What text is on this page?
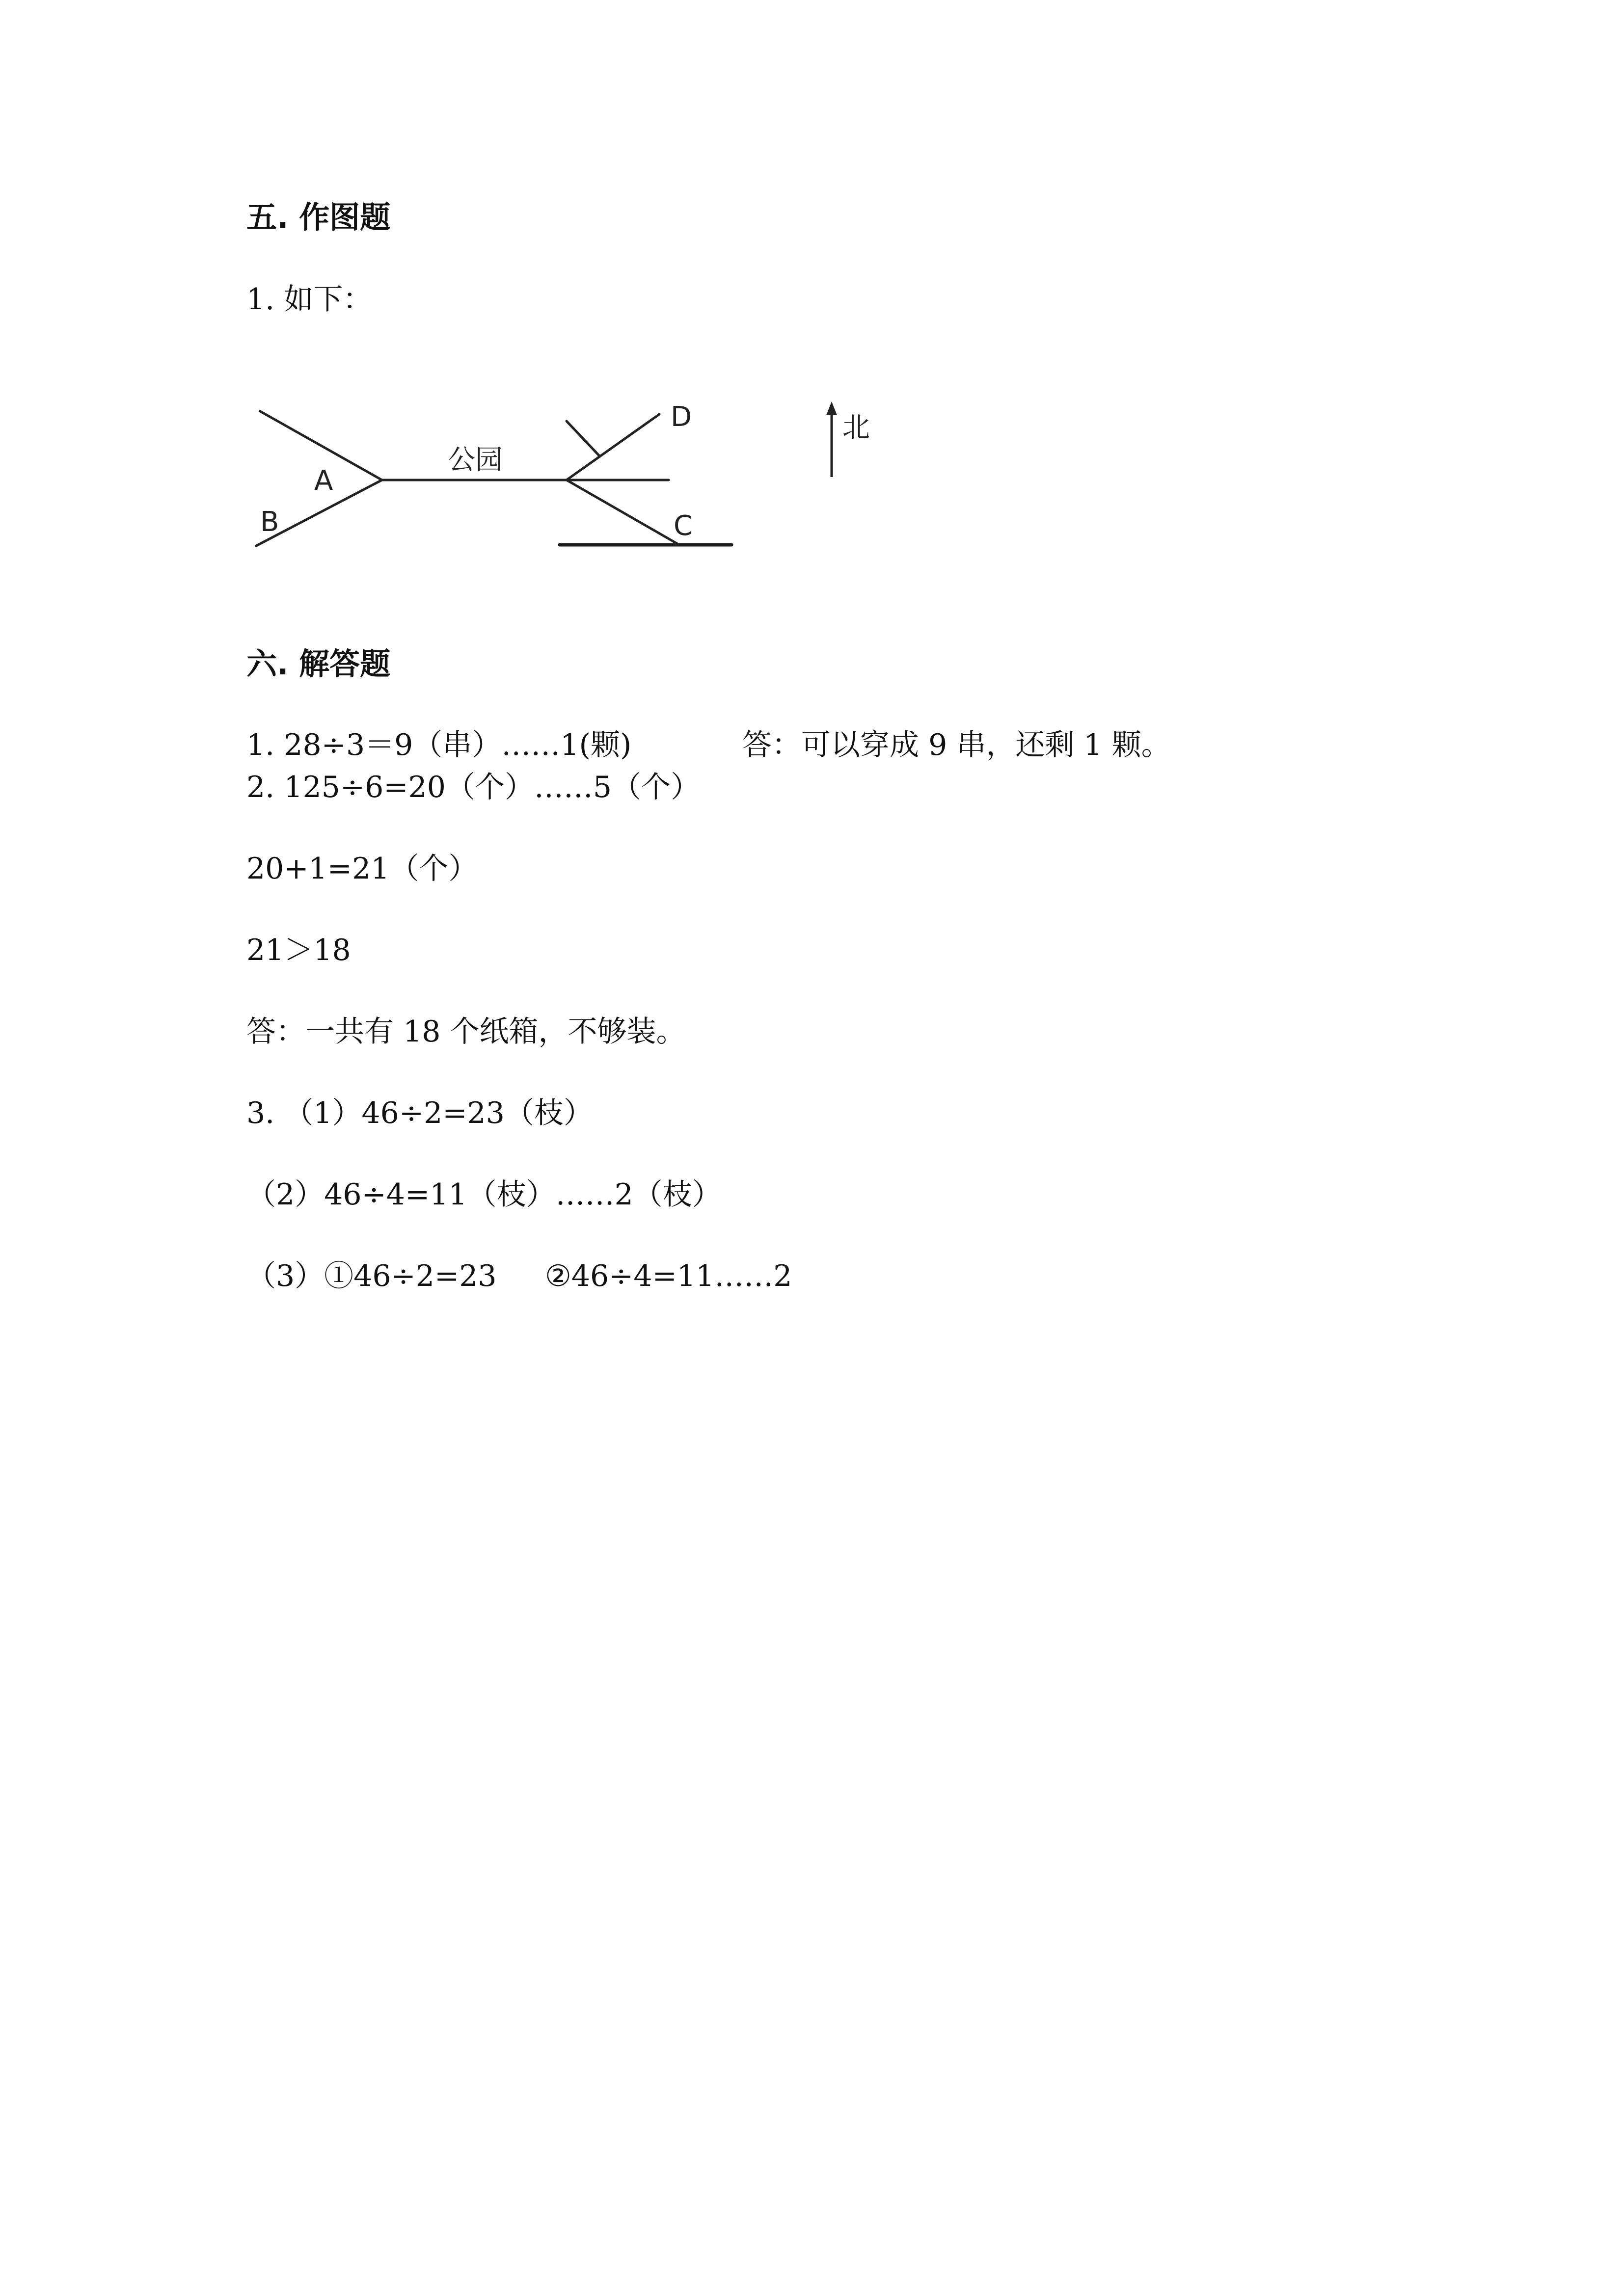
五. 作图题
1. 如下：
A
B
公园
D
C
北
六. 解答题
1. 28÷3＝9（串）……1(颗)	答：可以穿成 9 串，还剩 1 颗。
2. 125÷6=20（个）……5（个）
20+1=21（个）
21＞18
答：一共有 18 个纸箱，不够装。
3. （1）46÷2=23（枝）
（2）46÷4=11（枝）……2（枝）
（3）①46÷2=23 ②46÷4=11……2
